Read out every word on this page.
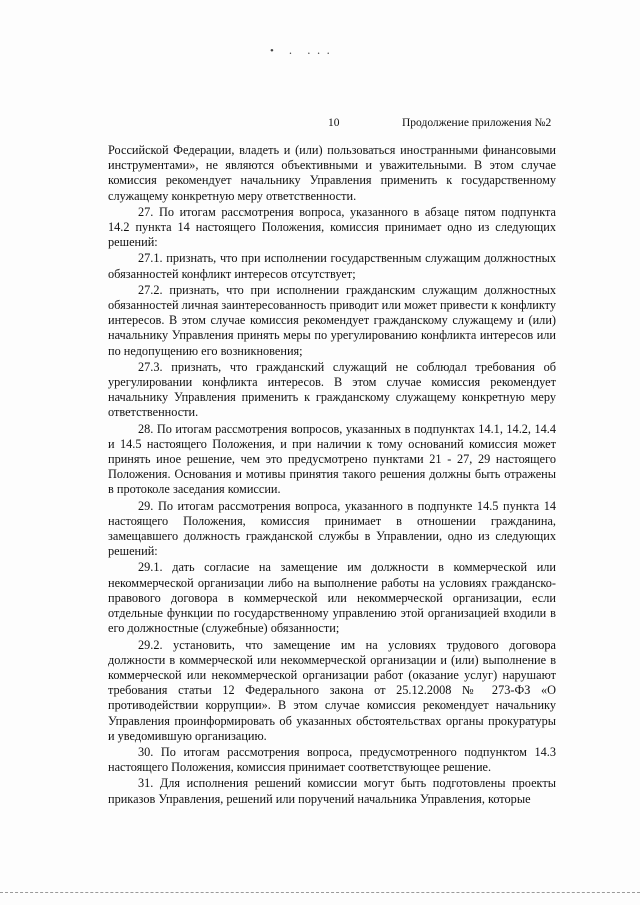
• ․ ․․․
10	Продолжение приложения №2

Российской Федерации, владеть и (или) пользоваться иностранными финансовыми инструментами», не являются объективными и уважительными. В этом случае комиссия рекомендует начальнику Управления применить к государственному служащему конкретную меру ответственности.

27. По итогам рассмотрения вопроса, указанного в абзаце пятом подпункта 14.2 пункта 14 настоящего Положения, комиссия принимает одно из следующих решений:

27.1. признать, что при исполнении государственным служащим должностных обязанностей конфликт интересов отсутствует;

27.2. признать, что при исполнении гражданским служащим должностных обязанностей личная заинтересованность приводит или может привести к конфликту интересов. В этом случае комиссия рекомендует гражданскому служащему и (или) начальнику Управления принять меры по урегулированию конфликта интересов или по недопущению его возникновения;

27.3. признать, что гражданский служащий не соблюдал требования об урегулировании конфликта интересов. В этом случае комиссия рекомендует начальнику Управления применить к гражданскому служащему конкретную меру ответственности.

28. По итогам рассмотрения вопросов, указанных в подпунктах 14.1, 14.2, 14.4 и 14.5 настоящего Положения, и при наличии к тому оснований комиссия может принять иное решение, чем это предусмотрено пунктами 21 - 27, 29 настоящего Положения. Основания и мотивы принятия такого решения должны быть отражены в протоколе заседания комиссии.

29. По итогам рассмотрения вопроса, указанного в подпункте 14.5 пункта 14 настоящего Положения, комиссия принимает в отношении гражданина, замещавшего должность гражданской службы в Управлении, одно из следующих решений:

29.1. дать согласие на замещение им должности в коммерческой или некоммерческой организации либо на выполнение работы на условиях гражданско-правового договора в коммерческой или некоммерческой организации, если отдельные функции по государственному управлению этой организацией входили в его должностные (служебные) обязанности;

29.2. установить, что замещение им на условиях трудового договора должности в коммерческой или некоммерческой организации и (или) выполнение в коммерческой или некоммерческой организации работ (оказание услуг) нарушают требования статьи 12 Федерального закона от 25.12.2008 № 273-ФЗ «О противодействии коррупции». В этом случае комиссия рекомендует начальнику Управления проинформировать об указанных обстоятельствах органы прокуратуры и уведомившую организацию.

30. По итогам рассмотрения вопроса, предусмотренного подпунктом 14.3 настоящего Положения, комиссия принимает соответствующее решение.

31. Для исполнения решений комиссии могут быть подготовлены проекты приказов Управления, решений или поручений начальника Управления, которые
